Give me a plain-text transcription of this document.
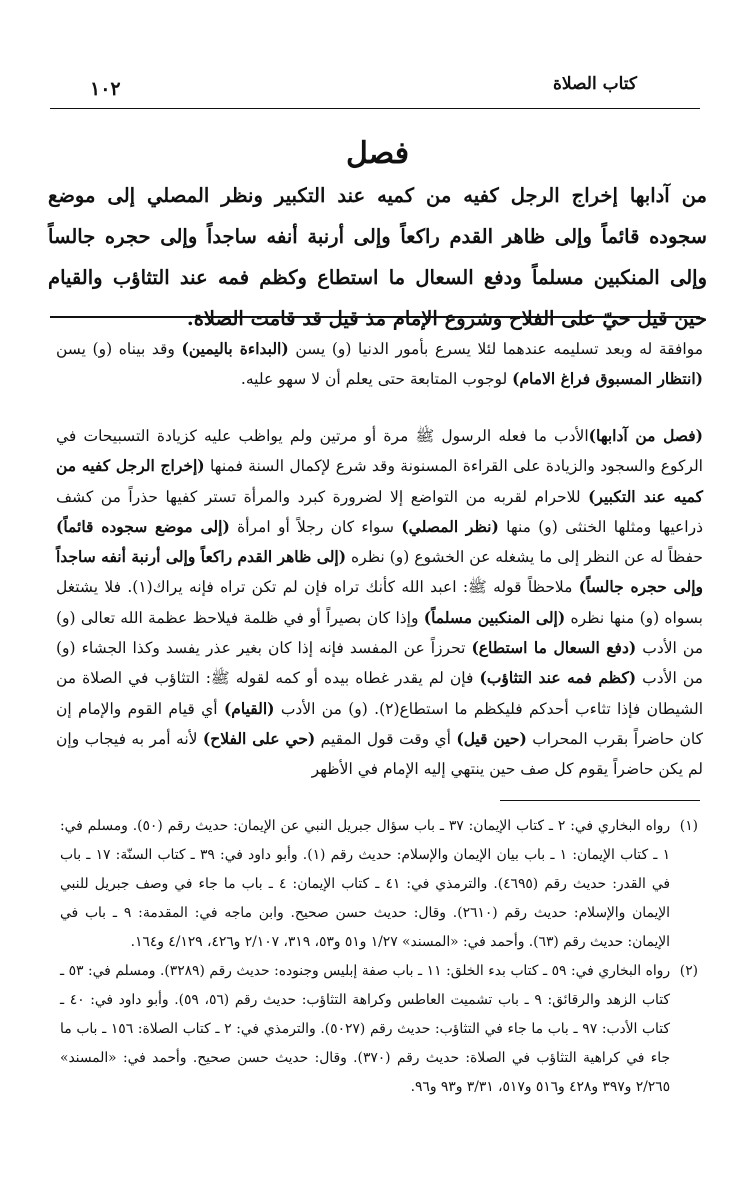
كتاب الصلاة
١٠٢
فصل
من آدابها إخراج الرجل كفيه من كميه عند التكبير ونظر المصلي إلى موضع سجوده قائماً وإلى ظاهر القدم راكعاً وإلى أرنبة أنفه ساجداً وإلى حجره جالساً وإلى المنكبين مسلماً ودفع السعال ما استطاع وكظم فمه عند التثاؤب والقيام حين قيل حيّ على الفلاح وشروع الإمام مذ قيل قد قامت الصلاة.

موافقة له وبعد تسليمه عندهما لئلا يسرع بأمور الدنيا (و) يسن (البداءة باليمين) وقد بيناه (و) يسن (انتظار المسبوق فراغ الامام) لوجوب المتابعة حتى يعلم أن لا سهو عليه.

(فصل من آدابها)الأدب ما فعله الرسول ﷺ مرة أو مرتين ولم يواظب عليه كزيادة التسبيحات في الركوع والسجود والزيادة على القراءة المسنونة وقد شرع لإكمال السنة فمنها (إخراج الرجل كفيه من كميه عند التكبير) للاحرام لقربه من التواضع إلا لضرورة كبرد والمرأة تستر كفيها حذراً من كشف ذراعيها ومثلها الخنثى (و) منها (نظر المصلي) سواء كان رجلاً أو امرأة (إلى موضع سجوده قائماً) حفظاً له عن النظر إلى ما يشغله عن الخشوع (و) نظره (إلى ظاهر القدم راكعاً وإلى أرنبة أنفه ساجداً وإلى حجره جالساً) ملاحظاً قوله ﷺ: اعبد الله كأنك تراه فإن لم تكن تراه فإنه يراك(١). فلا يشتغل بسواه (و) منها نظره (إلى المنكبين مسلماً) وإذا كان بصيراً أو في ظلمة فيلاحظ عظمة الله تعالى (و) من الأدب (دفع السعال ما استطاع) تحرزاً عن المفسد فإنه إذا كان بغير عذر يفسد وكذا الجشاء (و) من الأدب (كظم فمه عند التثاؤب) فإن لم يقدر غطاه بيده أو كمه لقوله ﷺ: التثاؤب في الصلاة من الشيطان فإذا تثاءب أحدكم فليكظم ما استطاع(٢). (و) من الأدب (القيام) أي قيام القوم والإمام إن كان حاضراً بقرب المحراب (حين قيل) أي وقت قول المقيم (حي على الفلاح) لأنه أمر به فيجاب وإن لم يكن حاضراً يقوم كل صف حين ينتهي إليه الإمام في الأظهر

(١)
رواه البخاري في: ٢ ـ كتاب الإيمان: ٣٧ ـ باب سؤال جبريل النبي عن الإيمان: حديث رقم (٥٠). ومسلم في: ١ ـ كتاب الإيمان: ١ ـ باب بيان الإيمان والإسلام: حديث رقم (١). وأبو داود في: ٣٩ ـ كتاب السنّة: ١٧ ـ باب في القدر: حديث رقم (٤٦٩٥). والترمذي في: ٤١ ـ كتاب الإيمان: ٤ ـ باب ما جاء في وصف جبريل للنبي الإيمان والإسلام: حديث رقم (٢٦١٠). وقال: حديث حسن صحيح. وابن ماجه في: المقدمة: ٩ ـ باب في الإيمان: حديث رقم (٦٣). وأحمد في: «المسند» ١/٢٧ و٥١ و٥٣، ٣١٩، ٢/١٠٧ و٤٢٦، ٤/١٢٩ و١٦٤.
(٢)
رواه البخاري في: ٥٩ ـ كتاب بدء الخلق: ١١ ـ باب صفة إبليس وجنوده: حديث رقم (٣٢٨٩). ومسلم في: ٥٣ ـ كتاب الزهد والرقائق: ٩ ـ باب تشميت العاطس وكراهة التثاؤب: حديث رقم (٥٦، ٥٩). وأبو داود في: ٤٠ ـ كتاب الأدب: ٩٧ ـ باب ما جاء في التثاؤب: حديث رقم (٥٠٢٧). والترمذي في: ٢ ـ كتاب الصلاة: ١٥٦ ـ باب ما جاء في كراهية التثاؤب في الصلاة: حديث رقم (٣٧٠). وقال: حديث حسن صحيح. وأحمد في: «المسند» ٢/٢٦٥ و٣٩٧ و٤٢٨ و٥١٦ و٥١٧، ٣/٣١ و٩٣ و٩٦.
